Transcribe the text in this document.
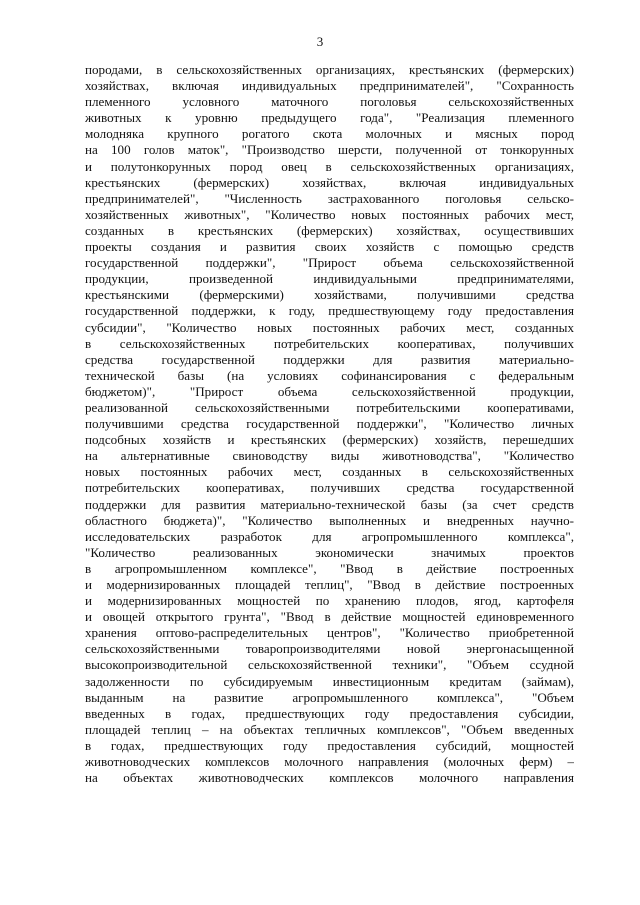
3
породами, в сельскохозяйственных организациях, крестьянских (фермерских)
хозяйствах, включая индивидуальных предпринимателей", "Сохранность
племенного условного маточного поголовья сельскохозяйственных
животных к уровню предыдущего года", "Реализация племенного
молодняка крупного рогатого скота молочных и мясных пород
на 100 голов маток", "Производство шерсти, полученной от тонкорунных
и полутонкорунных пород овец в сельскохозяйственных организациях,
крестьянских (фермерских) хозяйствах, включая индивидуальных
предпринимателей", "Численность застрахованного поголовья сельско-
хозяйственных животных", "Количество новых постоянных рабочих мест,
созданных в крестьянских (фермерских) хозяйствах, осуществивших
проекты создания и развития своих хозяйств с помощью средств
государственной поддержки", "Прирост объема сельскохозяйственной
продукции, произведенной индивидуальными предпринимателями,
крестьянскими (фермерскими) хозяйствами, получившими средства
государственной поддержки, к году, предшествующему году предоставления
субсидии", "Количество новых постоянных рабочих мест, созданных
в сельскохозяйственных потребительских кооперативах, получивших
средства государственной поддержки для развития материально-
технической базы (на условиях софинансирования с федеральным
бюджетом)", "Прирост объема сельскохозяйственной продукции,
реализованной сельскохозяйственными потребительскими кооперативами,
получившими средства государственной поддержки", "Количество личных
подсобных хозяйств и крестьянских (фермерских) хозяйств, перешедших
на альтернативные свиноводству виды животноводства", "Количество
новых постоянных рабочих мест, созданных в сельскохозяйственных
потребительских кооперативах, получивших средства государственной
поддержки для развития материально-технической базы (за счет средств
областного бюджета)", "Количество выполненных и внедренных научно-
исследовательских разработок для агропромышленного комплекса",
"Количество реализованных экономически значимых проектов
в агропромышленном комплексе", "Ввод в действие построенных
и модернизированных площадей теплиц", "Ввод в действие построенных
и модернизированных мощностей по хранению плодов, ягод, картофеля
и овощей открытого грунта", "Ввод в действие мощностей единовременного
хранения оптово-распределительных центров", "Количество приобретенной
сельскохозяйственными товаропроизводителями новой энергонасыщенной
высокопроизводительной сельскохозяйственной техники", "Объем ссудной
задолженности по субсидируемым инвестиционным кредитам (займам),
выданным на развитие агропромышленного комплекса", "Объем
введенных в годах, предшествующих году предоставления субсидии,
площадей теплиц – на объектах тепличных комплексов", "Объем введенных
в годах, предшествующих году предоставления субсидий, мощностей
животноводческих комплексов молочного направления (молочных ферм) –
на объектах животноводческих комплексов молочного направления
